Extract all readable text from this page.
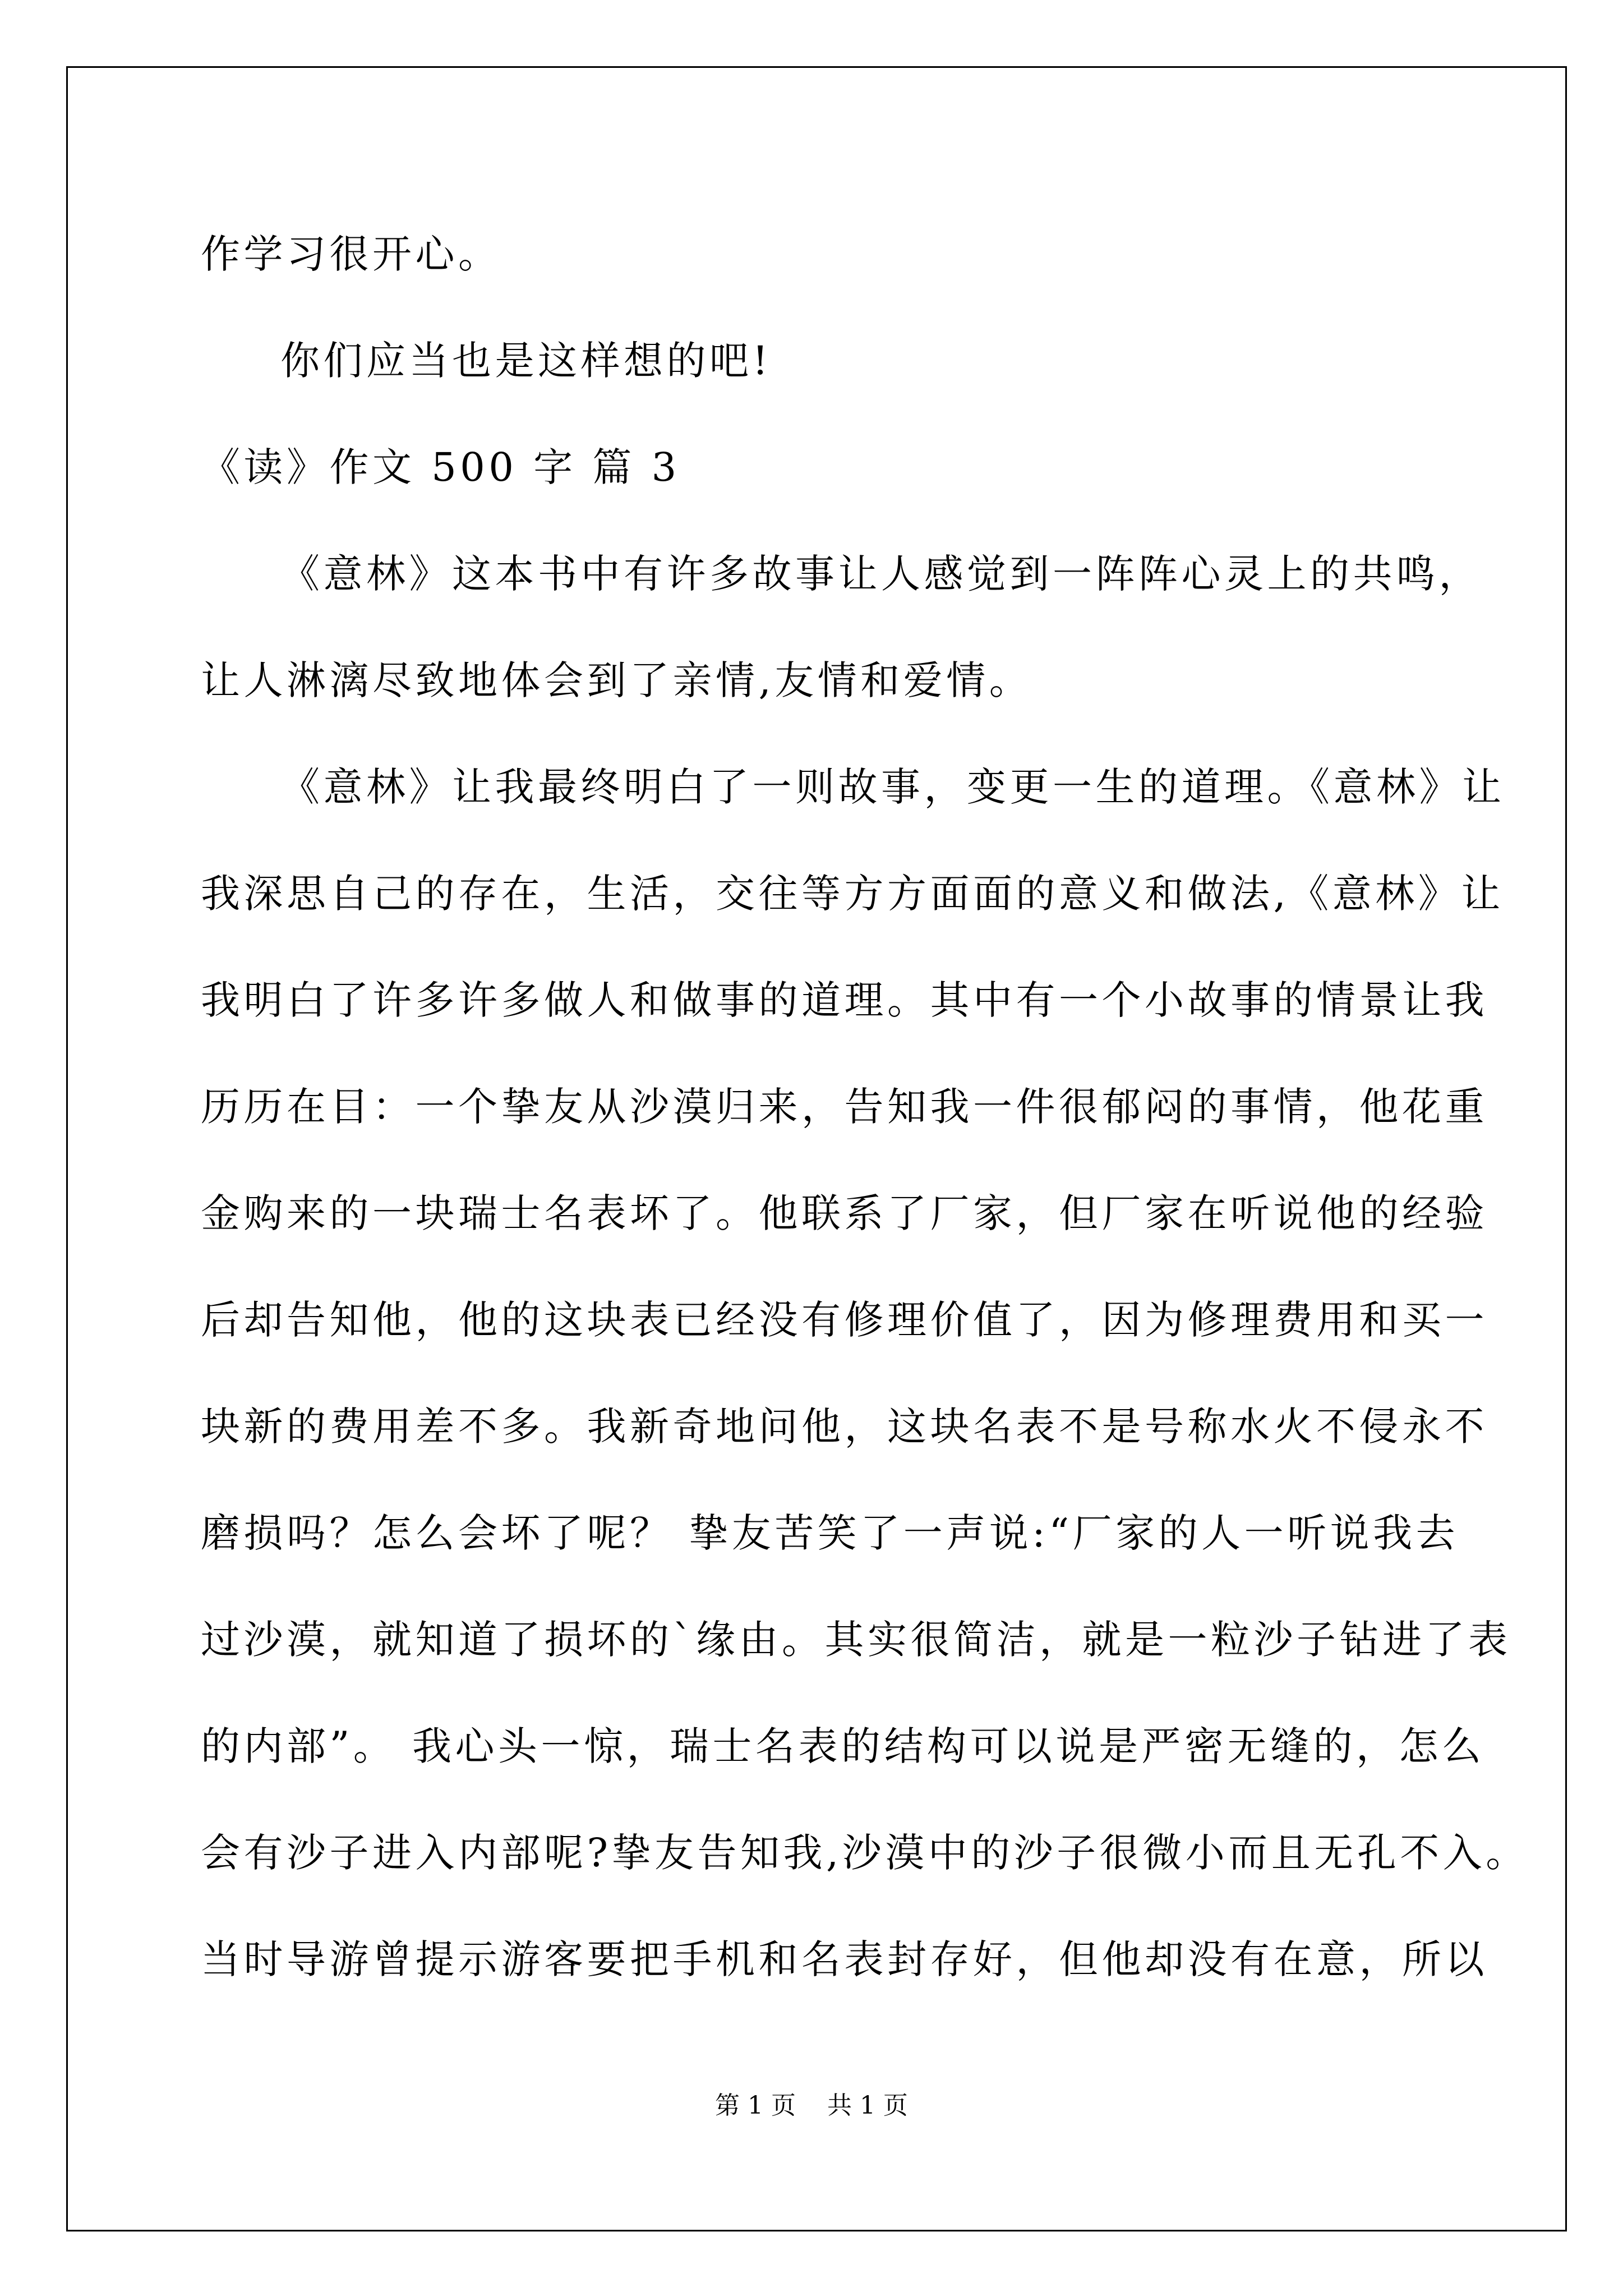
作学习很开心。
你们应当也是这样想的吧!
《读》作文 500 字 篇 3
《意林》这本书中有许多故事让人感觉到一阵阵心灵上的共鸣，
让人淋漓尽致地体会到了亲情,友情和爱情。
《意林》让我最终明白了一则故事，变更一生的道理。《意林》让
我深思自己的存在，生活，交往等方方面面的意义和做法,《意林》让
我明白了许多许多做人和做事的道理。其中有一个小故事的情景让我
历历在目：一个挚友从沙漠归来，告知我一件很郁闷的事情，他花重
金购来的一块瑞士名表坏了。他联系了厂家，但厂家在听说他的经验
后却告知他，他的这块表已经没有修理价值了，因为修理费用和买一
块新的费用差不多。我新奇地问他，这块名表不是号称水火不侵永不
磨损吗？怎么会坏了呢？ 挚友苦笑了一声说:“厂家的人一听说我去
过沙漠，就知道了损坏的`缘由。其实很简洁，就是一粒沙子钻进了表
的内部”。 我心头一惊，瑞士名表的结构可以说是严密无缝的，怎么
会有沙子进入内部呢?挚友告知我,沙漠中的沙子很微小而且无孔不入。
当时导游曾提示游客要把手机和名表封存好，但他却没有在意，所以
第 1 页    共 1 页
